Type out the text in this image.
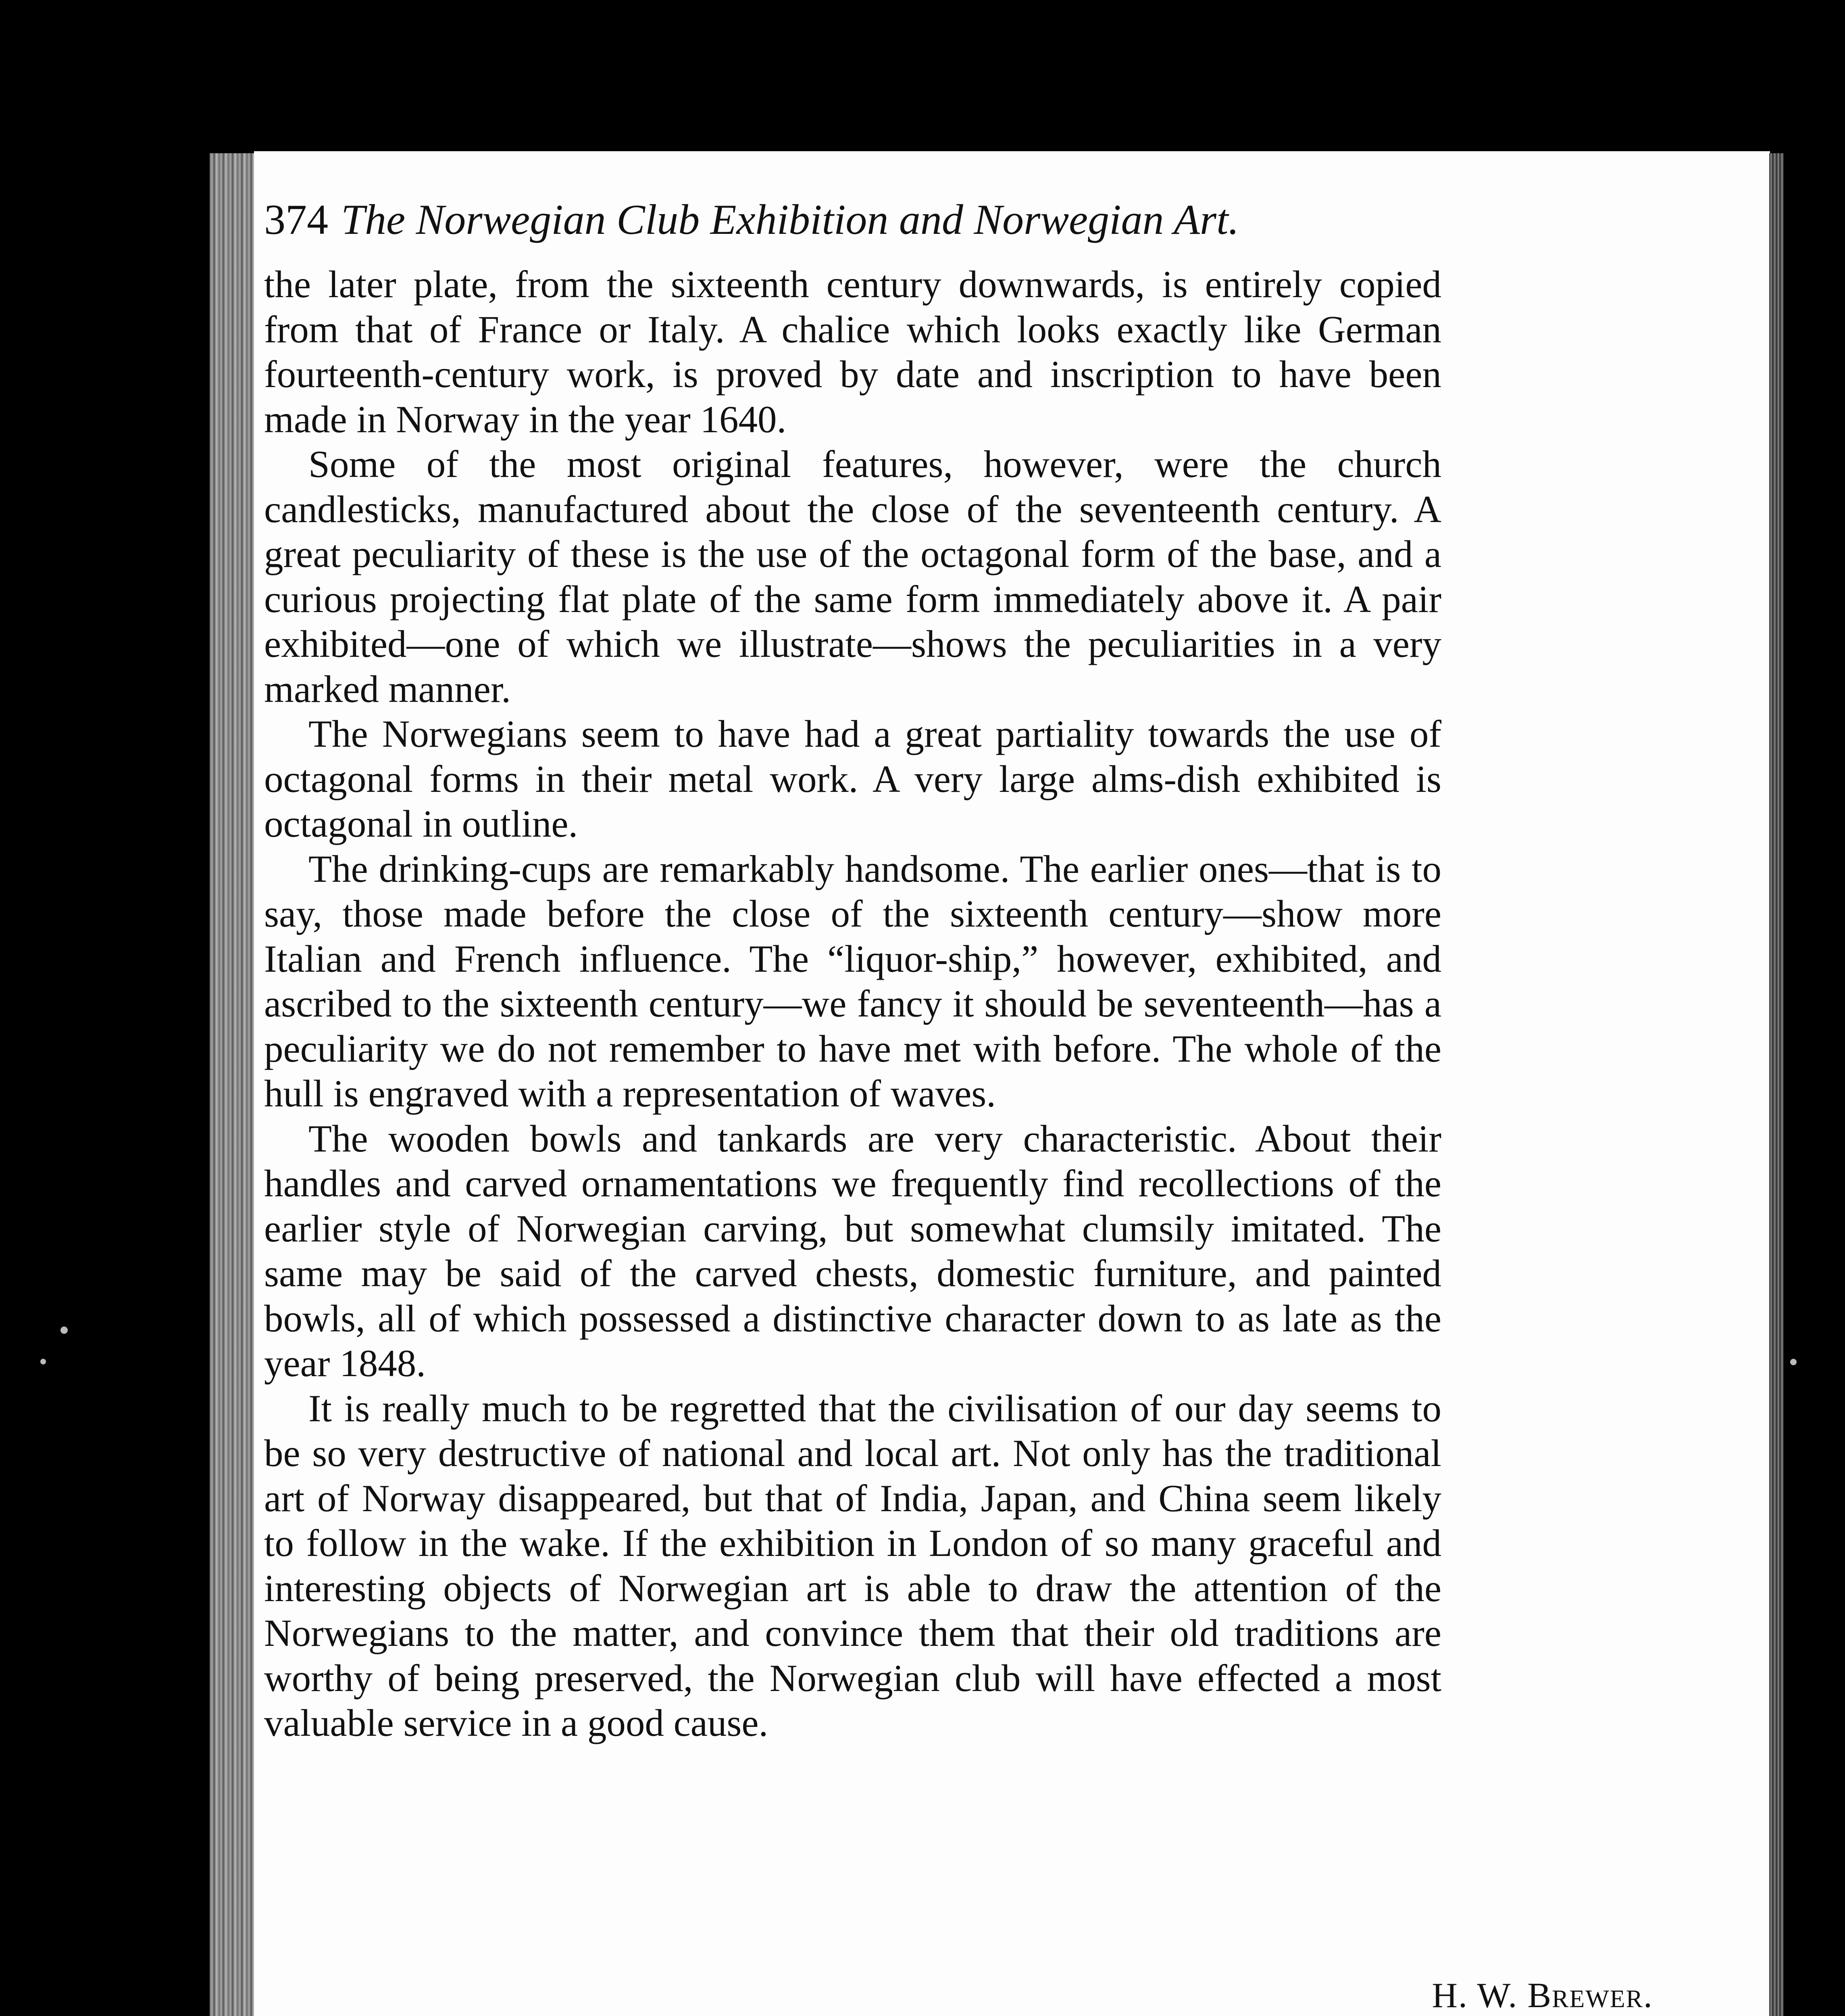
374 The Norwegian Club Exhibition and Norwegian Art.

the later plate, from the sixteenth century downwards, is entirely copied from that of France or Italy. A chalice which looks exactly like German fourteenth-century work, is proved by date and inscription to have been made in Norway in the year 1640.

Some of the most original features, however, were the church candlesticks, manufactured about the close of the seventeenth century. A great peculiarity of these is the use of the octagonal form of the base, and a curious projecting flat plate of the same form immediately above it. A pair exhibited—one of which we illustrate—shows the peculiarities in a very marked manner.

The Norwegians seem to have had a great partiality towards the use of octagonal forms in their metal work. A very large alms-dish exhibited is octagonal in outline.

The drinking-cups are remarkably handsome. The earlier ones—that is to say, those made before the close of the sixteenth century—show more Italian and French influence. The “liquor-ship,” however, exhibited, and ascribed to the sixteenth century—we fancy it should be seventeenth—has a peculiarity we do not remember to have met with before. The whole of the hull is engraved with a representation of waves.

The wooden bowls and tankards are very characteristic. About their handles and carved ornamentations we frequently find recollections of the earlier style of Norwegian carving, but somewhat clumsily imitated. The same may be said of the carved chests, domestic furniture, and painted bowls, all of which possessed a distinctive character down to as late as the year 1848.

It is really much to be regretted that the civilisation of our day seems to be so very destructive of national and local art. Not only has the traditional art of Norway disappeared, but that of India, Japan, and China seem likely to follow in the wake. If the exhibition in London of so many graceful and interesting objects of Norwegian art is able to draw the attention of the Norwegians to the matter, and convince them that their old traditions are worthy of being preserved, the Norwegian club will have effected a most valuable service in a good cause.

H. W. Brewer.
